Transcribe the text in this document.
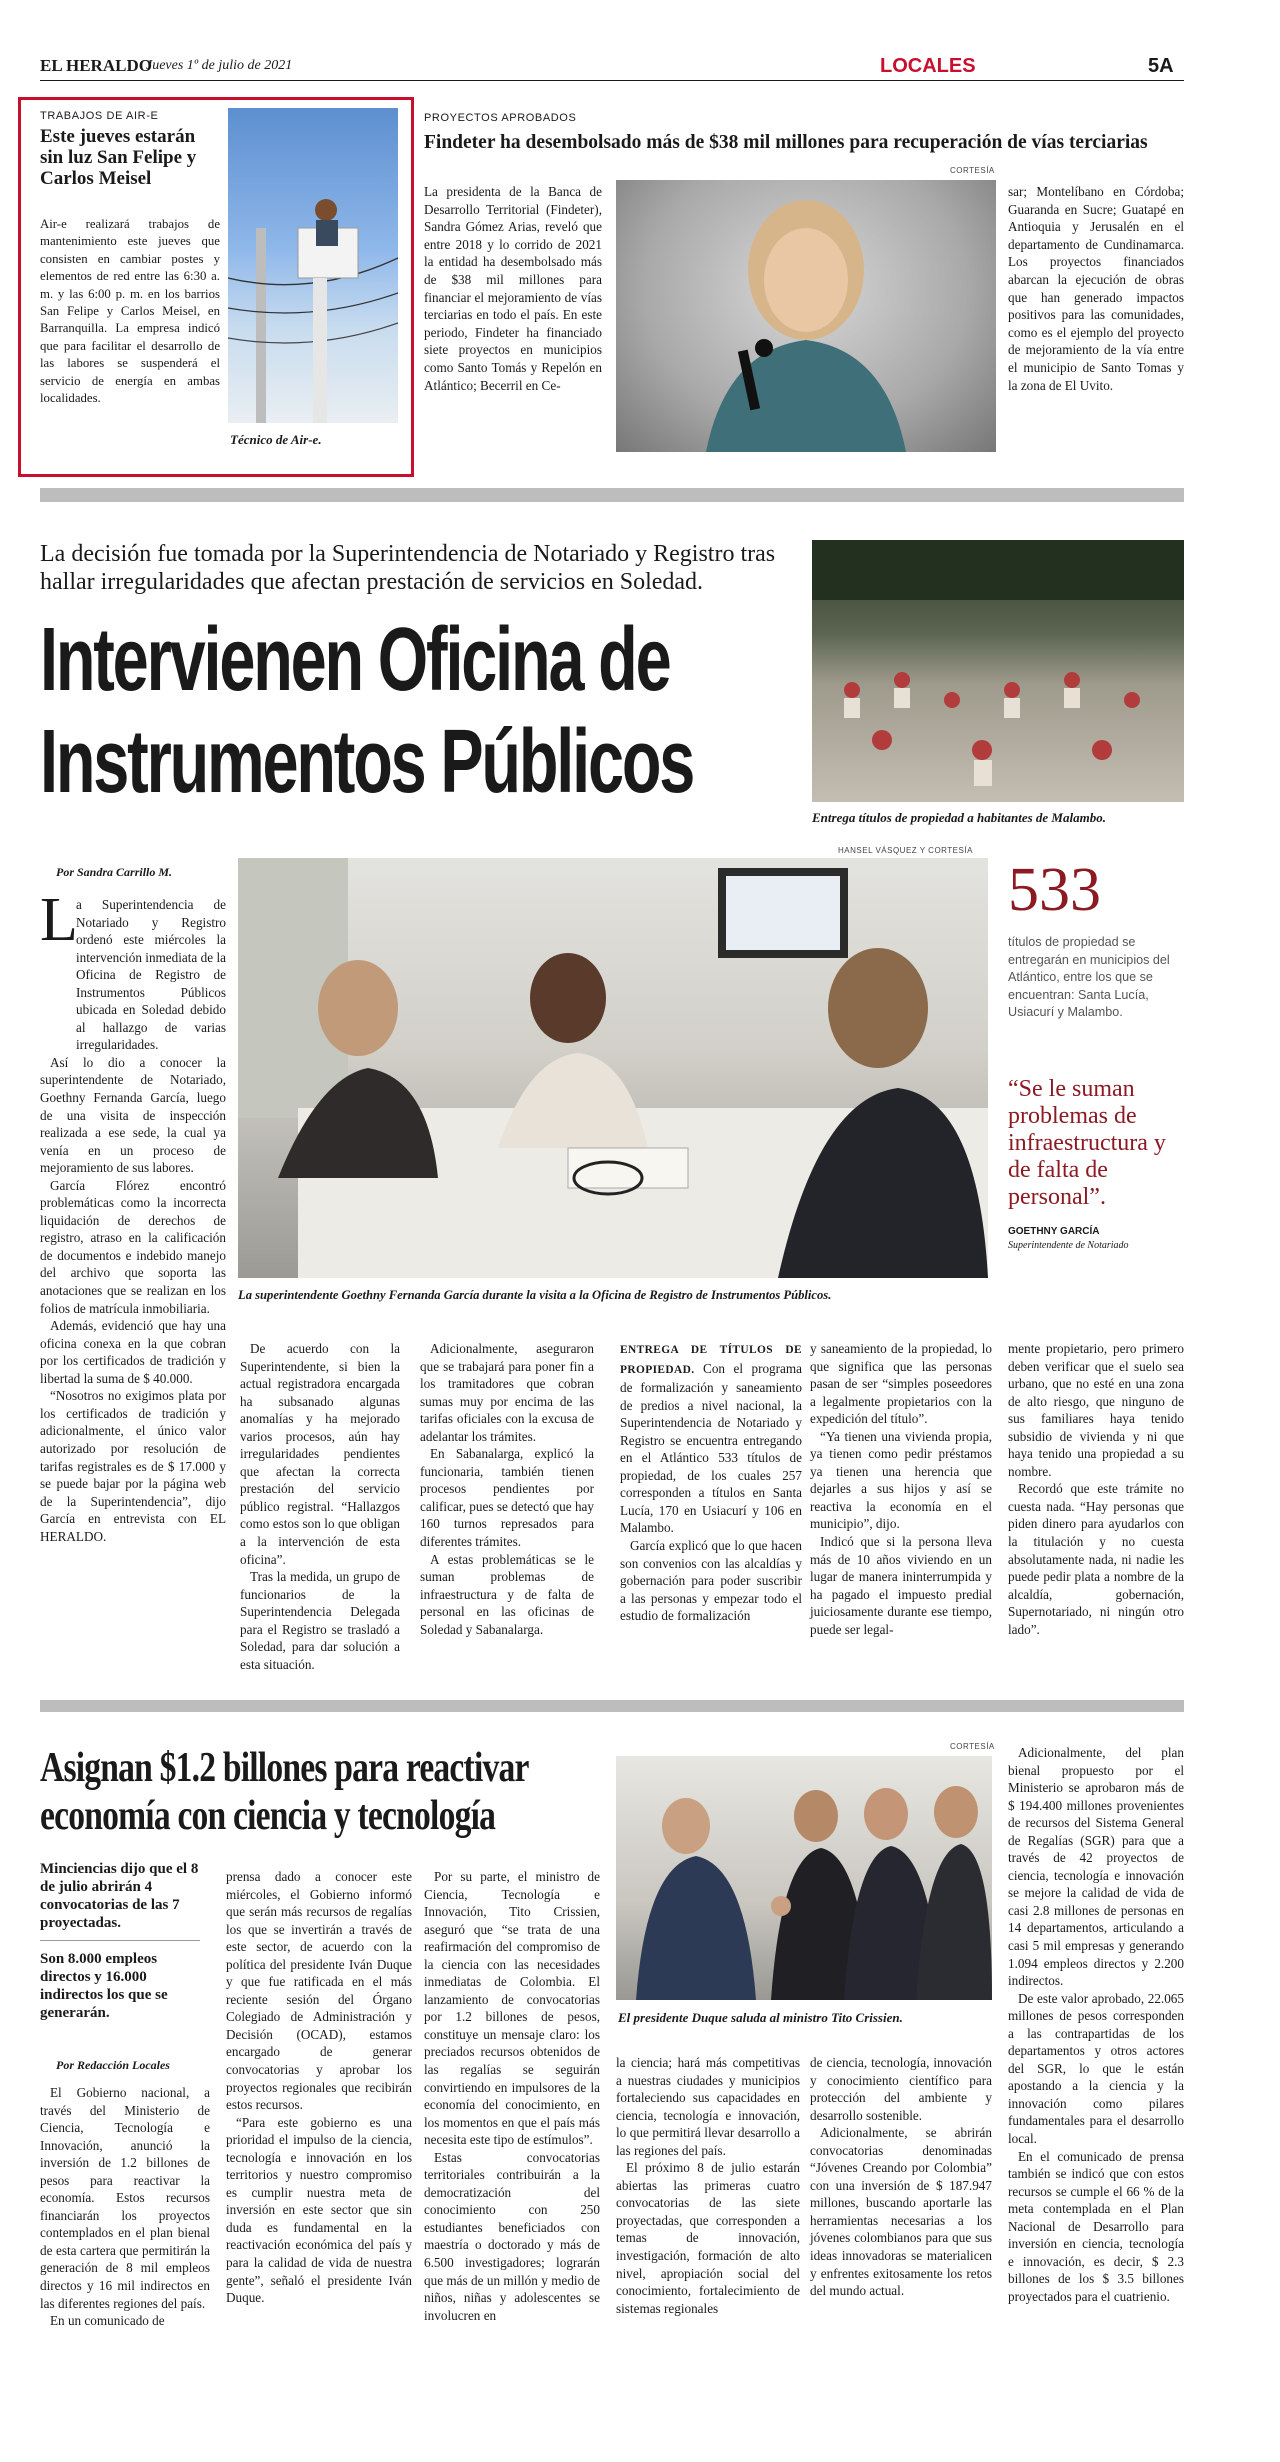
EL HERALDO
Jueves 1º de julio de 2021	LOCALES	5A
TRABAJOS DE AIR-E
Este jueves estarán sin luz San Felipe y Carlos Meisel
Air-e realizará trabajos de mantenimiento este jueves que consisten en cambiar postes y elementos de red entre las 6:30 a. m. y las 6:00 p. m. en los barrios San Felipe y Carlos Meisel, en Barranquilla. La empresa indicó que para facilitar el desarrollo de las labores se suspenderá el servicio de energía en ambas localidades.
Técnico de Air-e.
PROYECTOS APROBADOS
Findeter ha desembolsado más de $38 mil millones para recuperación de vías terciarias
CORTESÍA
La presidenta de la Banca de Desarrollo Territorial (Findeter), Sandra Gómez Arias, reveló que entre 2018 y lo corrido de 2021 la entidad ha desembolsado más de $38 mil millones para financiar el mejoramiento de vías terciarias en todo el país. En este periodo, Findeter ha financiado siete proyectos en municipios como Santo Tomás y Repelón en Atlántico; Becerril en Ce-
sar; Montelíbano en Córdoba; Guaranda en Sucre; Guatapé en Antioquia y Jerusalén en el departamento de Cundinamarca. Los proyectos financiados abarcan la ejecución de obras que han generado impactos positivos para las comunidades, como es el ejemplo del proyecto de mejoramiento de la vía entre el municipio de Santo Tomas y la zona de El Uvito.
La decisión fue tomada por la Superintendencia de Notariado y Registro tras hallar irregularidades que afectan prestación de servicios en Soledad.
Intervienen Oficina de
Instrumentos Públicos
Entrega títulos de propiedad a habitantes de Malambo.
HANSEL VÁSQUEZ Y CORTESÍA
Por Sandra Carrillo M.
L

a Superintendencia de Notariado y Registro ordenó este miércoles la intervención inmediata de la Oficina de Registro de Instrumentos Públicos ubicada en Soledad debido al hallazgo de varias irregularidades.

Así lo dio a conocer la superintendente de Notariado, Goethny Fernanda García, luego de una visita de inspección realizada a ese sede, la cual ya venía en un proceso de mejoramiento de sus labores.

García Flórez encontró problemáticas como la incorrecta liquidación de derechos de registro, atraso en la calificación de documentos e indebido manejo del archivo que soporta las anotaciones que se realizan en los folios de matrícula inmobiliaria.

Además, evidenció que hay una oficina conexa en la que cobran por los certificados de tradición y libertad la suma de $ 40.000.

“Nosotros no exigimos plata por los certificados de tradición y adicionalmente, el único valor autorizado por resolución de tarifas registrales es de $ 17.000 y se puede bajar por la página web de la Superintendencia”, dijo García en entrevista con EL HERALDO.

La superintendente Goethny Fernanda García durante la visita a la Oficina de Registro de Instrumentos Públicos.
533
títulos de propiedad se entregarán en municipios del Atlántico, entre los que se encuentran: Santa Lucía, Usiacurí y Malambo.
“Se le suman problemas de infraestructura y de falta de personal”.
GOETHNY GARCÍA
Superintendente de Notariado

De acuerdo con la Superintendente, si bien la actual registradora encargada ha subsanado algunas anomalías y ha mejorado varios procesos, aún hay irregularidades pendientes que afectan la correcta prestación del servicio público registral. “Hallazgos como estos son lo que obligan a la intervención de esta oficina”.

Tras la medida, un grupo de funcionarios de la Superintendencia Delegada para el Registro se trasladó a Soledad, para dar solución a esta situación.

Adicionalmente, aseguraron que se trabajará para poner fin a los tramitadores que cobran sumas muy por encima de las tarifas oficiales con la excusa de adelantar los trámites.

En Sabanalarga, explicó la funcionaria, también tienen procesos pendientes por calificar, pues se detectó que hay 160 turnos represados para diferentes trámites.

A estas problemáticas se le suman problemas de infraestructura y de falta de personal en las oficinas de Soledad y Sabanalarga.

ENTREGA DE TÍTULOS DE PROPIEDAD. Con el programa de formalización y saneamiento de predios a nivel nacional, la Superintendencia de Notariado y Registro se encuentra entregando en el Atlántico 533 títulos de propiedad, de los cuales 257 corresponden a títulos en Santa Lucía, 170 en Usiacurí y 106 en Malambo.

García explicó que lo que hacen son convenios con las alcaldías y gobernación para poder suscribir a las personas y empezar todo el estudio de formalización

y saneamiento de la propiedad, lo que significa que las personas pasan de ser “simples poseedores a legalmente propietarios con la expedición del título”.

“Ya tienen una vivienda propia, ya tienen como pedir préstamos ya tienen una herencia que dejarles a sus hijos y así se reactiva la economía en el municipio”, dijo.

Indicó que si la persona lleva más de 10 años viviendo en un lugar de manera ininterrumpida y ha pagado el impuesto predial juiciosamente durante ese tiempo, puede ser legal-

mente propietario, pero primero deben verificar que el suelo sea urbano, que no esté en una zona de alto riesgo, que ninguno de sus familiares haya tenido subsidio de vivienda y ni que haya tenido una propiedad a su nombre.

Recordó que este trámite no cuesta nada. “Hay personas que piden dinero para ayudarlos con la titulación y no cuesta absolutamente nada, ni nadie les puede pedir plata a nombre de la alcaldía, gobernación, Supernotariado, ni ningún otro lado”.

Asignan $1.2 billones para reactivar
economía con ciencia y tecnología
Minciencias dijo que el 8 de julio abrirán 4 convocatorias de las 7 proyectadas.
Son 8.000 empleos directos y 16.000 indirectos los que se generarán.
Por Redacción Locales

El Gobierno nacional, a través del Ministerio de Ciencia, Tecnología e Innovación, anunció la inversión de 1.2 billones de pesos para reactivar la economía. Estos recursos financiarán los proyectos contemplados en el plan bienal de esta cartera que permitirán la generación de 8 mil empleos directos y 16 mil indirectos en las diferentes regiones del país.

En un comunicado de

prensa dado a conocer este miércoles, el Gobierno informó que serán más recursos de regalías los que se invertirán a través de este sector, de acuerdo con la política del presidente Iván Duque y que fue ratificada en el más reciente sesión del Órgano Colegiado de Administración y Decisión (OCAD), estamos encargado de generar convocatorias y aprobar los proyectos regionales que recibirán estos recursos.

“Para este gobierno es una prioridad el impulso de la ciencia, tecnología e innovación en los territorios y nuestro compromiso es cumplir nuestra meta de inversión en este sector que sin duda es fundamental en la reactivación económica del país y para la calidad de vida de nuestra gente”, señaló el presidente Iván Duque.

Por su parte, el ministro de Ciencia, Tecnología e Innovación, Tito Crissien, aseguró que “se trata de una reafirmación del compromiso de la ciencia con las necesidades inmediatas de Colombia. El lanzamiento de convocatorias por 1.2 billones de pesos, constituye un mensaje claro: los preciados recursos obtenidos de las regalías se seguirán convirtiendo en impulsores de la economía del conocimiento, en los momentos en que el país más necesita este tipo de estímulos”.

Estas convocatorias territoriales contribuirán a la democratización del conocimiento con 250 estudiantes beneficiados con maestría o doctorado y más de 6.500 investigadores; lograrán que más de un millón y medio de niños, niñas y adolescentes se involucren en

CORTESÍA
El presidente Duque saluda al ministro Tito Crissien.

la ciencia; hará más competitivas a nuestras ciudades y municipios fortaleciendo sus capacidades en ciencia, tecnología e innovación, lo que permitirá llevar desarrollo a las regiones del país.

El próximo 8 de julio estarán abiertas las primeras cuatro convocatorias de las siete proyectadas, que corresponden a temas de innovación, investigación, formación de alto nivel, apropiación social del conocimiento, fortalecimiento de sistemas regionales

de ciencia, tecnología, innovación y conocimiento científico para protección del ambiente y desarrollo sostenible.

Adicionalmente, se abrirán convocatorias denominadas “Jóvenes Creando por Colombia” con una inversión de $ 187.947 millones, buscando aportarle las herramientas necesarias a los jóvenes colombianos para que sus ideas innovadoras se materialicen y enfrentes exitosamente los retos del mundo actual.

Adicionalmente, del plan bienal propuesto por el Ministerio se aprobaron más de $ 194.400 millones provenientes de recursos del Sistema General de Regalías (SGR) para que a través de 42 proyectos de ciencia, tecnología e innovación se mejore la calidad de vida de casi 2.8 millones de personas en 14 departamentos, articulando a casi 5 mil empresas y generando 1.094 empleos directos y 2.200 indirectos.

De este valor aprobado, 22.065 millones de pesos corresponden a las contrapartidas de los departamentos y otros actores del SGR, lo que le están apostando a la ciencia y la innovación como pilares fundamentales para el desarrollo local.

En el comunicado de prensa también se indicó que con estos recursos se cumple el 66 % de la meta contemplada en el Plan Nacional de Desarrollo para inversión en ciencia, tecnología e innovación, es decir, $ 2.3 billones de los $ 3.5 billones proyectados para el cuatrienio.
